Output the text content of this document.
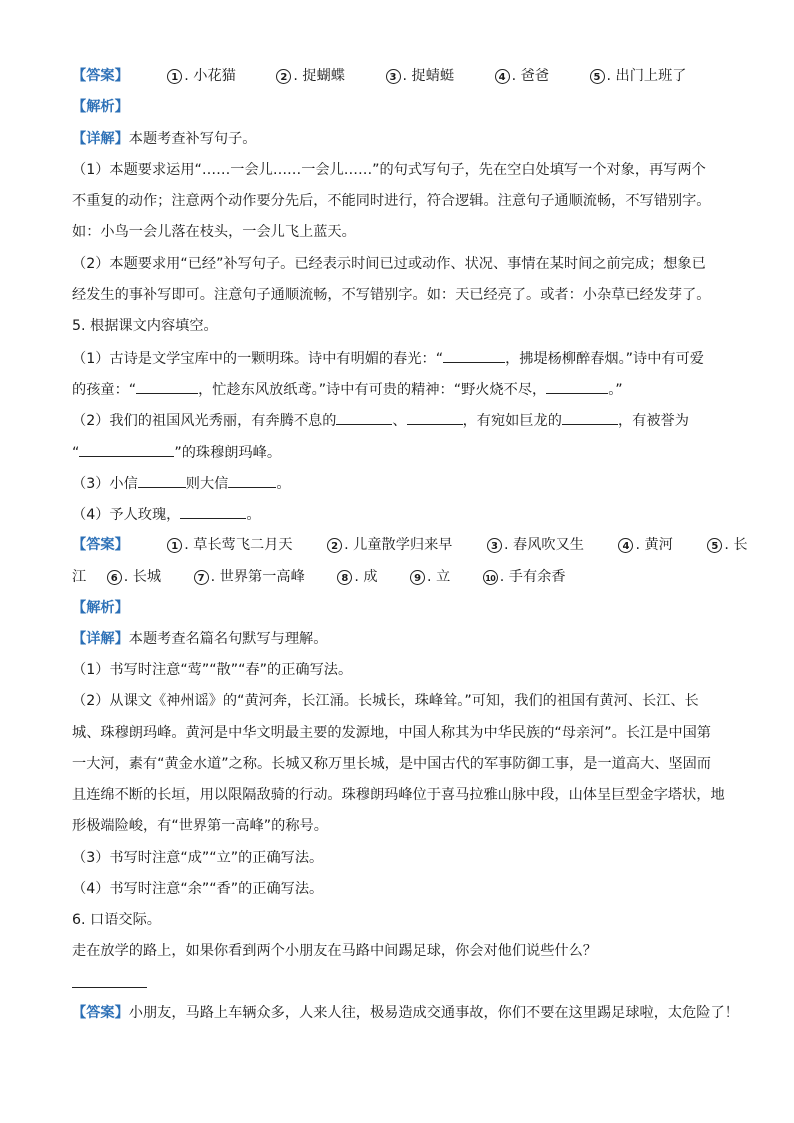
【答案】	1 . 小花猫	2 . 捉蝴蝶	3 . 捉蜻蜓	4 . 爸爸	5 . 出门上班了
【解析】
【详解】本题考查补写句子。
（1）本题要求运用“……一会儿……一会儿……”的句式写句子，先在空白处填写一个对象，再写两个
不重复的动作；注意两个动作要分先后，不能同时进行，符合逻辑。注意句子通顺流畅，不写错别字。
如：小鸟一会儿落在枝头，一会儿飞上蓝天。
（2）本题要求用“已经”补写句子。已经表示时间已过或动作、状况、事情在某时间之前完成；想象已
经发生的事补写即可。注意句子通顺流畅，不写错别字。如：天已经亮了。或者：小杂草已经发芽了。
5. 根据课文内容填空。
（1）古诗是文学宝库中的一颗明珠。诗中有明媚的春光：“	，拂堤杨柳醉春烟。”诗中有可爱
的孩童：“	，忙趁东风放纸鸢。”诗中有可贵的精神：“野火烧不尽，	。”
（2）我们的祖国风光秀丽，有奔腾不息的	、	，有宛如巨龙的	，有被誉为
“	”的珠穆朗玛峰。
（3）小信	则大信	。
（4）予人玫瑰，	。
【答案】	1 . 草长莺飞二月天	2 . 儿童散学归来早	3 . 春风吹又生	4 . 黄河	5 . 长
江 6 . 长城	7 . 世界第一高峰	8 . 成	9 . 立	10 . 手有余香
【解析】
【详解】本题考查名篇名句默写与理解。
（1）书写时注意“莺”“散”“春”的正确写法。
（2）从课文《神州谣》的“黄河奔，长江涌。长城长，珠峰耸。”可知，我们的祖国有黄河、长江、长
城、珠穆朗玛峰。黄河是中华文明最主要的发源地，中国人称其为中华民族的“母亲河”。长江是中国第
一大河，素有“黄金水道”之称。长城又称万里长城，是中国古代的军事防御工事，是一道高大、坚固而
且连绵不断的长垣，用以限隔敌骑的行动。珠穆朗玛峰位于喜马拉雅山脉中段，山体呈巨型金字塔状，地
形极端险峻，有“世界第一高峰”的称号。
（3）书写时注意“成”“立”的正确写法。
（4）书写时注意“余”“香”的正确写法。
6. 口语交际。
走在放学的路上，如果你看到两个小朋友在马路中间踢足球，你会对他们说些什么？
【答案】小朋友，马路上车辆众多，人来人往，极易造成交通事故，你们不要在这里踢足球啦，太危险了！
